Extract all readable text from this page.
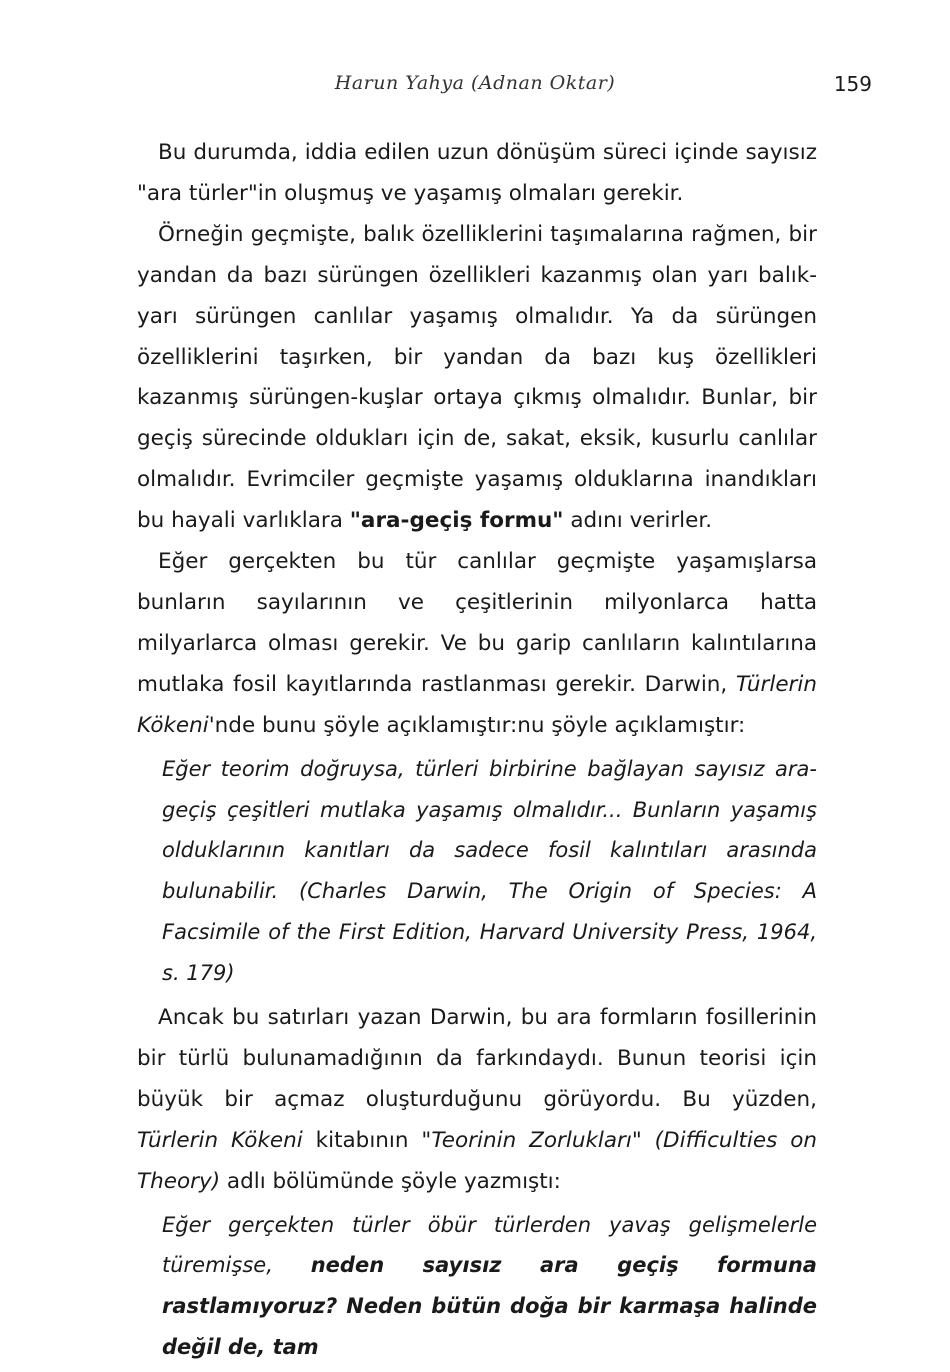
Harun Yahya (Adnan Oktar)	159

Bu durumda, iddia edilen uzun dönüşüm süreci içinde sayısız "ara türler"in oluşmuş ve yaşamış olmaları gerekir.

Örneğin geçmişte, balık özelliklerini taşımalarına rağmen, bir yandan da bazı sürüngen özellikleri kazanmış olan yarı balık-yarı sürüngen canlılar yaşamış olmalıdır. Ya da sürüngen özelliklerini taşırken, bir yandan da bazı kuş özellikleri kazanmış sürüngen-kuşlar ortaya çıkmış olmalıdır. Bunlar, bir geçiş sürecinde oldukları için de, sakat, eksik, kusurlu canlılar olmalıdır. Evrimciler geçmişte yaşamış olduklarına inandıkları bu hayali varlıklara "ara-geçiş formu" adını verirler.

Eğer gerçekten bu tür canlılar geçmişte yaşamışlarsa bunların sayılarının ve çeşitlerinin milyonlarca hatta milyarlarca olması gerekir. Ve bu garip canlıların kalıntılarına mutlaka fosil kayıtlarında rastlanması gerekir. Darwin, Türlerin Kökeni'nde bunu şöyle açıklamıştır:nu şöyle açıklamıştır:

Eğer teorim doğruysa, türleri birbirine bağlayan sayısız ara-geçiş çeşitleri mutlaka yaşamış olmalıdır... Bunların yaşamış olduklarının kanıtları da sadece fosil kalıntıları arasında bulunabilir. (Charles Darwin, The Origin of Species: A Facsimile of the First Edition, Harvard University Press, 1964, s. 179)

Ancak bu satırları yazan Darwin, bu ara formların fosillerinin bir türlü bulunamadığının da farkındaydı. Bunun teorisi için büyük bir açmaz oluşturduğunu görüyordu. Bu yüzden, Türlerin Kökeni kitabının "Teorinin Zorlukları" (Difficulties on Theory) adlı bölümünde şöyle yazmıştı:

Eğer gerçekten türler öbür türlerden yavaş gelişmelerle türemişse, neden sayısız ara geçiş formuna rastlamıyoruz? Neden bütün doğa bir karmaşa halinde değil de, tam
